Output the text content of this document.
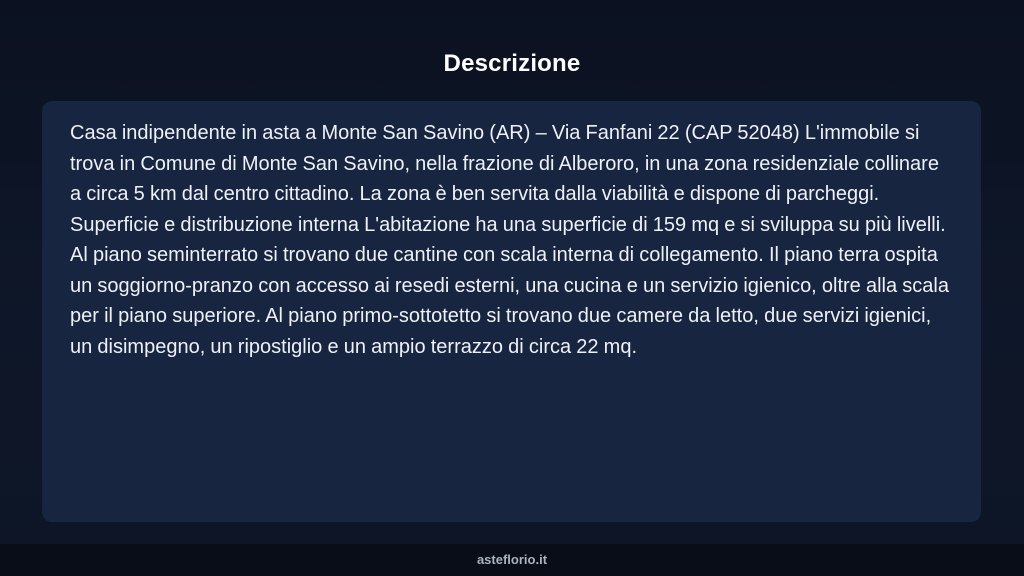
Descrizione

Casa indipendente in asta a Monte San Savino (AR) – Via Fanfani 22 (CAP 52048) L'immobile si trova in Comune di Monte San Savino, nella frazione di Alberoro, in una zona residenziale collinare a circa 5 km dal centro cittadino. La zona è ben servita dalla viabilità e dispone di parcheggi. Superficie e distribuzione interna L'abitazione ha una superficie di 159 mq e si sviluppa su più livelli. Al piano seminterrato si trovano due cantine con scala interna di collegamento. Il piano terra ospita un soggiorno-pranzo con accesso ai resedi esterni, una cucina e un servizio igienico, oltre alla scala per il piano superiore. Al piano primo-sottotetto si trovano due camere da letto, due servizi igienici, un disimpegno, un ripostiglio e un ampio terrazzo di circa 22 mq.

asteflorio.it
